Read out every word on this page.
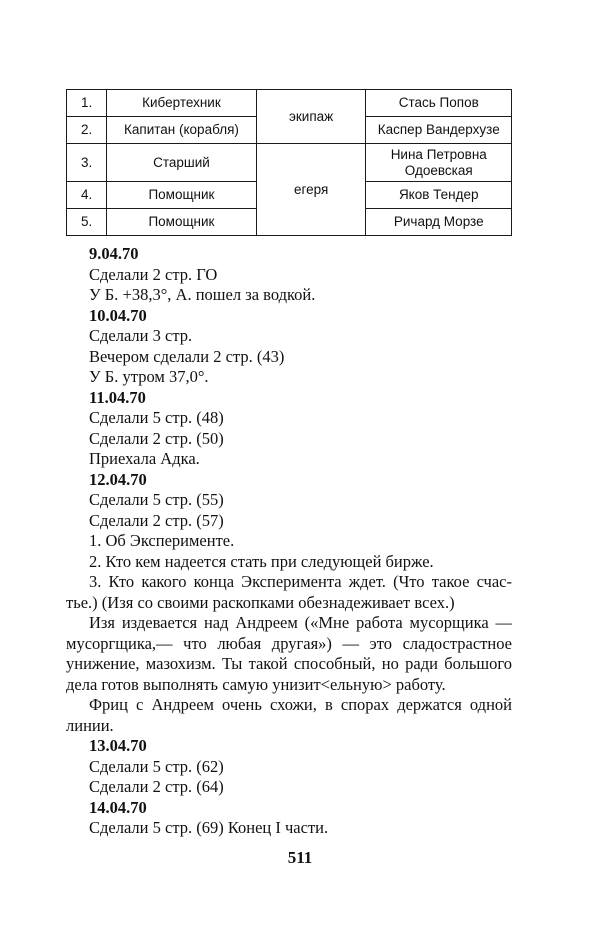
1.	Кибертехник	экипаж	Стась Попов
2.	Капитан (корабля)		Каспер Вандерхузе
3.	Старший	егеря	Нина Петровна
Одоевская

4.	Помощник		Яков Тендер
5.	Помощник		Ричард Морзе
9.04.70
Сделали 2 стр. ГО
У Б. +38,3°, А. пошел за водкой.
10.04.70
Сделали 3 стр.
Вечером сделали 2 стр. (43)
У Б. утром 37,0°.
11.04.70
Сделали 5 стр. (48)
Сделали 2 стр. (50)
Приехала Адка.
12.04.70
Сделали 5 стр. (55)
Сделали 2 стр. (57)
1. Об Эксперименте.
2. Кто кем надеется стать при следующей бирже.
3. Кто какого конца Эксперимента ждет. (Что такое счас-тье.) (Изя со своими раскопками обезнадеживает всех.)
Изя издевается над Андреем («Мне работа мусорщика — мусоргщика,— что любая другая») — это сладострастное унижение, мазохизм. Ты такой способный, но ради большого дела готов выполнять самую унизит<ельную> работу.
Фриц с Андреем очень схожи, в спорах держатся одной линии.
13.04.70
Сделали 5 стр. (62)
Сделали 2 стр. (64)
14.04.70
Сделали 5 стр. (69) Конец I части.
511
